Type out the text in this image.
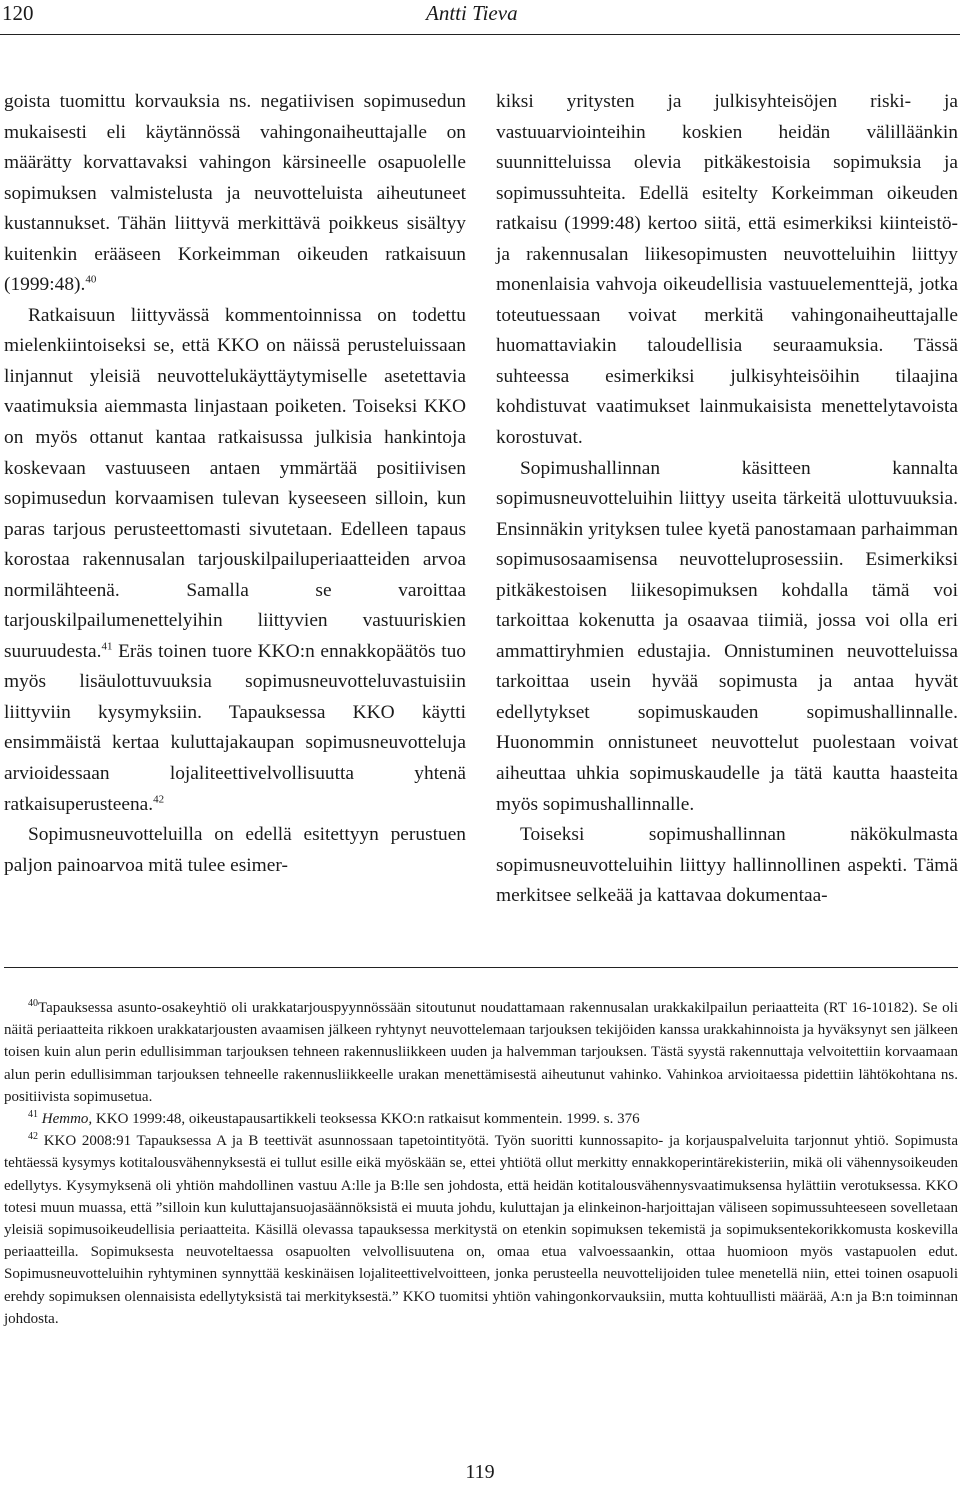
120	Antti Tieva

goista tuomittu korvauksia ns. negatiivisen sopimusedun mukaisesti eli käytännössä vahingonaiheuttajalle on määrätty korvattavaksi vahingon kärsineelle osapuolelle sopimuksen valmistelusta ja neuvotteluista aiheutuneet kustannukset. Tähän liittyvä merkittävä poikkeus sisältyy kuitenkin erääseen Korkeimman oikeuden ratkaisuun (1999:48).$^{40}$

Ratkaisuun liittyvässä kommentoinnissa on todettu mielenkiintoiseksi se, että KKO on näissä perusteluissaan linjannut yleisiä neuvottelukäyttäytymiselle asetettavia vaatimuksia aiemmasta linjastaan poiketen. Toiseksi KKO on myös ottanut kantaa ratkaisussa julkisia hankintoja koskevaan vastuuseen antaen ymmärtää positiivisen sopimusedun korvaamisen tulevan kyseeseen silloin, kun paras tarjous perusteettomasti sivutetaan. Edelleen tapaus korostaa rakennusalan tarjouskilpailuperiaatteiden arvoa normilähteenä. Samalla se varoittaa tarjouskilpailumenettelyihin liittyvien vastuuriskien suuruudesta.$^{41}$ Eräs toinen tuore KKO:n ennakkopäätös tuo myös lisäulottuvuuksia sopimusneuvotteluvastuisiin liittyviin kysymyksiin. Tapauksessa KKO käytti ensimmäistä kertaa kuluttajakaupan sopimusneuvotteluja arvioidessaan lojaliteettivelvollisuutta yhtenä ratkaisuperusteena.$^{42}$

Sopimusneuvotteluilla on edellä esitettyyn perustuen paljon painoarvoa mitä tulee esimer-

kiksi yritysten ja julkisyhteisöjen riski- ja vastuuarviointeihin koskien heidän välilläänkin suunnitteluissa olevia pitkäkestoisia sopimuksia ja sopimussuhteita. Edellä esitelty Korkeimman oikeuden ratkaisu (1999:48) kertoo siitä, että esimerkiksi kiinteistö- ja rakennusalan liikesopimusten neuvotteluihin liittyy monenlaisia vahvoja oikeudellisia vastuuelementtejä, jotka toteutuessaan voivat merkitä vahingonaiheuttajalle huomattaviakin taloudellisia seuraamuksia. Tässä suhteessa esimerkiksi julkisyhteisöihin tilaajina kohdistuvat vaatimukset lainmukaisista menettelytavoista korostuvat.

Sopimushallinnan käsitteen kannalta sopimusneuvotteluihin liittyy useita tärkeitä ulottuvuuksia. Ensinnäkin yrityksen tulee kyetä panostamaan parhaimman sopimusosaamisensa neuvotteluprosessiin. Esimerkiksi pitkäkestoisen liikesopimuksen kohdalla tämä voi tarkoittaa kokenutta ja osaavaa tiimiä, jossa voi olla eri ammattiryhmien edustajia. Onnistuminen neuvotteluissa tarkoittaa usein hyvää sopimusta ja antaa hyvät edellytykset sopimuskauden sopimushallinnalle. Huonommin onnistuneet neuvottelut puolestaan voivat aiheuttaa uhkia sopimuskaudelle ja tätä kautta haasteita myös sopimushallinnalle.

Toiseksi sopimushallinnan näkökulmasta sopimusneuvotteluihin liittyy hallinnollinen aspekti. Tämä merkitsee selkeää ja kattavaa dokumentaa-

$^{40}$Tapauksessa asunto-osakeyhtiö oli urakkatarjouspyynnössään sitoutunut noudattamaan rakennusalan urakkakilpailun periaatteita (RT 16-10182). Se oli näitä periaatteita rikkoen urakkatarjousten avaamisen jälkeen ryhtynyt neuvottelemaan tarjouksen tekijöiden kanssa urakkahinnoista ja hyväksynyt sen jälkeen toisen kuin alun perin edullisimman tarjouksen tehneen rakennusliikkeen uuden ja halvemman tarjouksen. Tästä syystä rakennuttaja velvoitettiin korvaamaan alun perin edullisimman tarjouksen tehneelle rakennusliikkeelle urakan menettämisestä aiheutunut vahinko. Vahinkoa arvioitaessa pidettiin lähtökohtana ns. positiivista sopimusetua.

$^{41}$ Hemmo, KKO 1999:48, oikeustapausartikkeli teoksessa KKO:n ratkaisut kommentein. 1999. s. 376

$^{42}$ KKO 2008:91 Tapauksessa A ja B teettivät asunnossaan tapetointityötä. Työn suoritti kunnossapito- ja korjauspalveluita tarjonnut yhtiö. Sopimusta tehtäessä kysymys kotitalousvähennyksestä ei tullut esille eikä myöskään se, ettei yhtiötä ollut merkitty ennakkoperintärekisteriin, mikä oli vähennysoikeuden edellytys. Kysymyksenä oli yhtiön mahdollinen vastuu A:lle ja B:lle sen johdosta, että heidän kotitalousvähennysvaatimuksensa hylättiin verotuksessa. KKO totesi muun muassa, että ”silloin kun kuluttajansuojasäännöksistä ei muuta johdu, kuluttajan ja elinkeinon-harjoittajan väliseen sopimussuhteeseen sovelletaan yleisiä sopimusoikeudellisia periaatteita. Käsillä olevassa tapauksessa merkitystä on etenkin sopimuksen tekemistä ja sopimuksentekorikkomusta koskevilla periaatteilla. Sopimuksesta neuvoteltaessa osapuolten velvollisuutena on, omaa etua valvoessaankin, ottaa huomioon myös vastapuolen edut. Sopimusneuvotteluihin ryhtyminen synnyttää keskinäisen lojaliteettivelvoitteen, jonka perusteella neuvottelijoiden tulee menetellä niin, ettei toinen osapuoli erehdy sopimuksen olennaisista edellytyksistä tai merkityksestä.” KKO tuomitsi yhtiön vahingonkorvauksiin, mutta kohtuullisti määrää, A:n ja B:n toiminnan johdosta.

119
